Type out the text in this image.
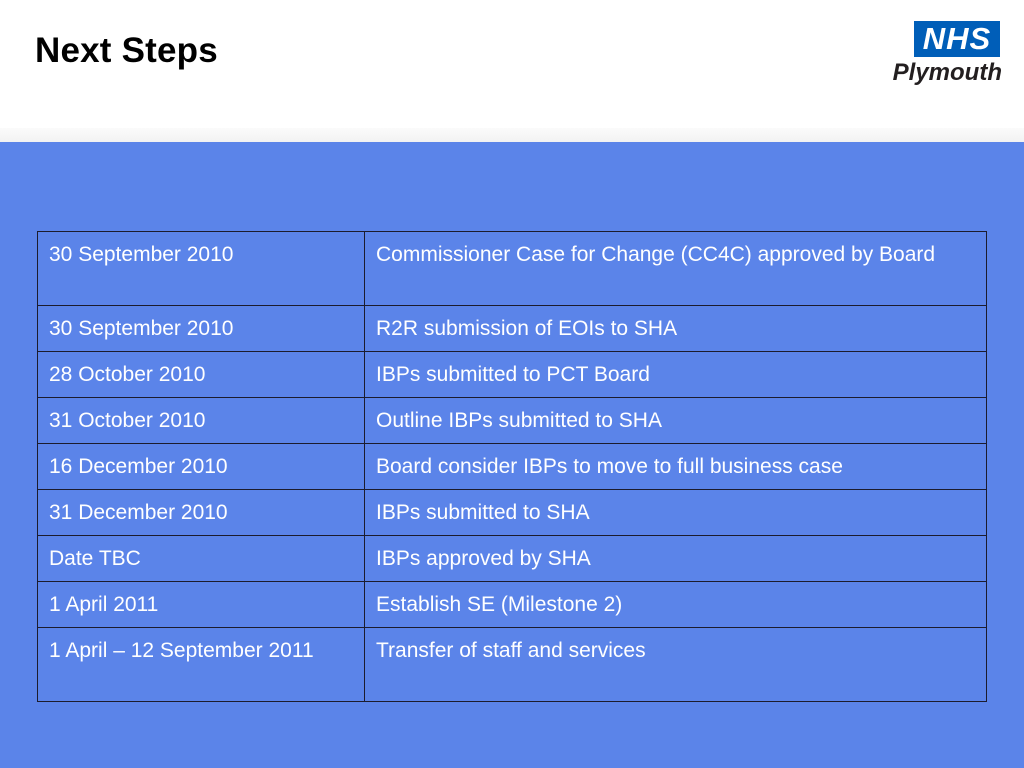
Next Steps	NHS
Plymouth
30 September 2010	Commissioner Case for Change (CC4C) approved by Board
30 September 2010	R2R submission of EOIs to SHA
28 October 2010	IBPs submitted to PCT Board
31 October 2010	Outline IBPs submitted to SHA
16 December 2010	Board consider IBPs to move to full business case
31 December 2010	IBPs submitted to SHA
Date TBC	IBPs approved by SHA
1 April 2011	Establish SE (Milestone 2)
1 April – 12 September 2011	Transfer of staff and services
